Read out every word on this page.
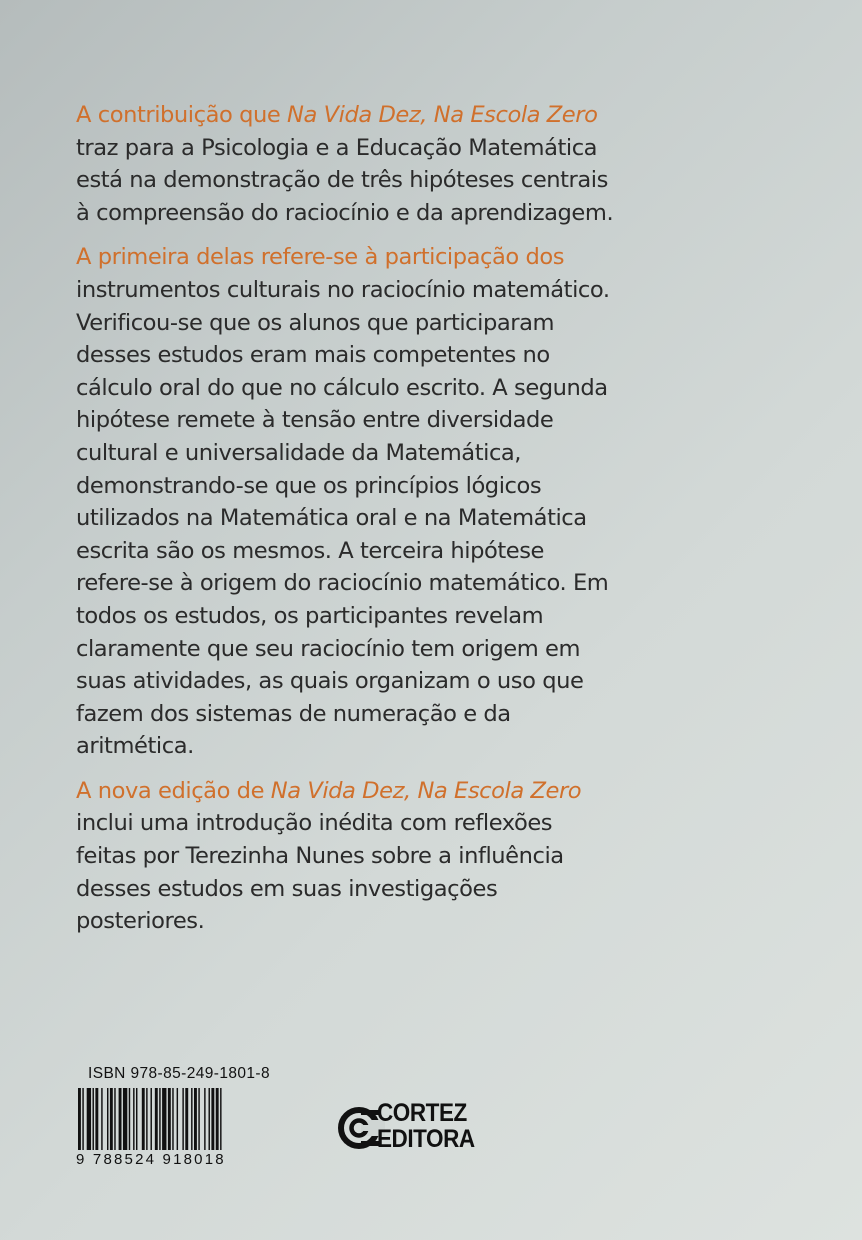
A contribuição que Na Vida Dez, Na Escola Zero
traz para a Psicologia e a Educação Matemática
está na demonstração de três hipóteses centrais
à compreensão do raciocínio e da aprendizagem.
A primeira delas refere-se à participação dos
instrumentos culturais no raciocínio matemático.
Verificou-se que os alunos que participaram
desses estudos eram mais competentes no
cálculo oral do que no cálculo escrito. A segunda
hipótese remete à tensão entre diversidade
cultural e universalidade da Matemática,
demonstrando-se que os princípios lógicos
utilizados na Matemática oral e na Matemática
escrita são os mesmos. A terceira hipótese
refere-se à origem do raciocínio matemático. Em
todos os estudos, os participantes revelam
claramente que seu raciocínio tem origem em
suas atividades, as quais organizam o uso que
fazem dos sistemas de numeração e da
aritmética.
A nova edição de Na Vida Dez, Na Escola Zero
inclui uma introdução inédita com reflexões
feitas por Terezinha Nunes sobre a influência
desses estudos em suas investigações
posteriores.
ISBN 978-85-249-1801-8
9 788524 918018
CORTEZ
EDITORA
